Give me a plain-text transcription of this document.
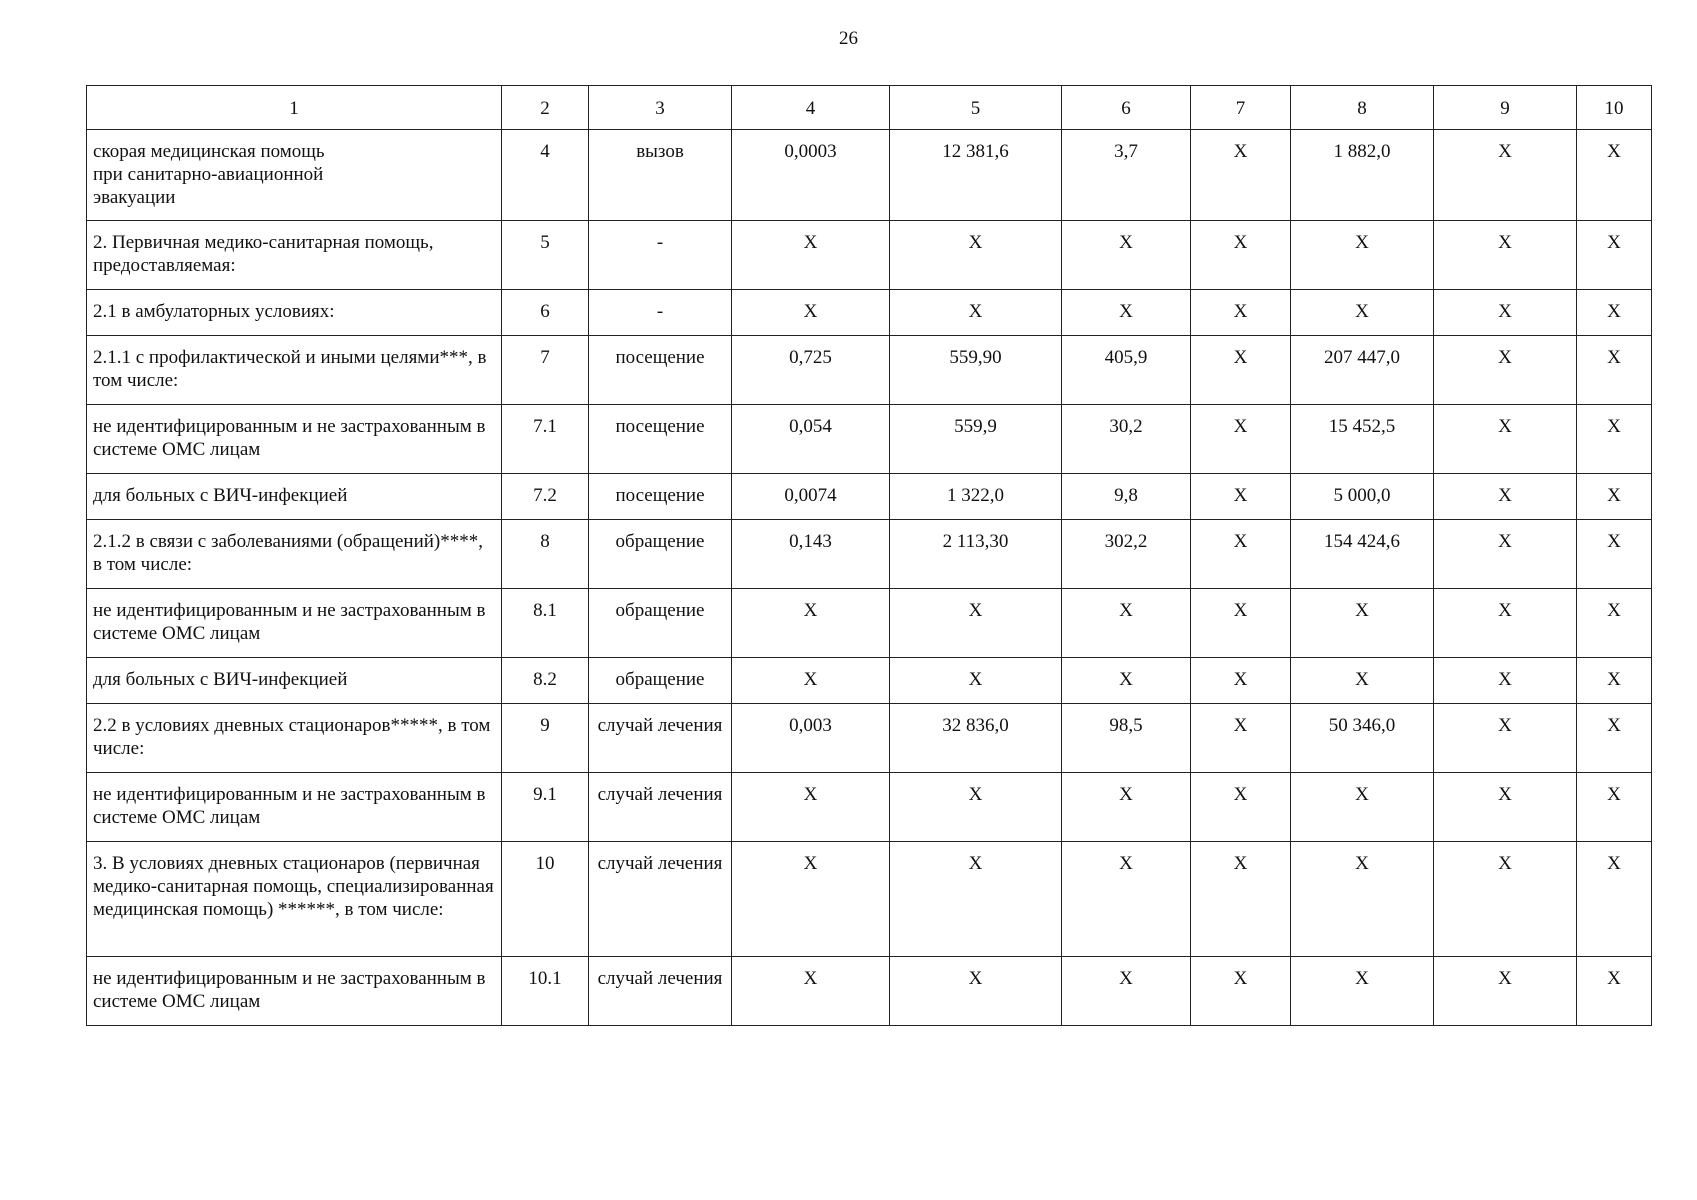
26
1	2	3	4	5	6	7	8	9	10
скорая медицинская помощь
при санитарно-авиационной
эвакуации	4	вызов	0,0003	12 381,6	3,7	Х	1 882,0	Х	Х
2. Первичная медико-санитарная помощь, предоставляемая:	5	-	Х	Х	Х	Х	Х	Х	Х
2.1 в амбулаторных условиях:	6	-	Х	Х	Х	Х	Х	Х	Х
2.1.1 с профилактической и иными целями***, в том числе:	7	посещение	0,725	559,90	405,9	Х	207 447,0	Х	Х
не идентифицированным и не застрахованным в системе ОМС лицам	7.1	посещение	0,054	559,9	30,2	Х	15 452,5	Х	Х
для больных с ВИЧ-инфекцией	7.2	посещение	0,0074	1 322,0	9,8	Х	5 000,0	Х	Х
2.1.2 в связи с заболеваниями (обращений)****, в том числе:	8	обращение	0,143	2 113,30	302,2	Х	154 424,6	Х	Х
не идентифицированным и не застрахованным в системе ОМС лицам	8.1	обращение	Х	Х	Х	Х	Х	Х	Х
для больных с ВИЧ-инфекцией	8.2	обращение	Х	Х	Х	Х	Х	Х	Х
2.2 в условиях дневных стационаров*****, в том числе:	9	случай лечения	0,003	32 836,0	98,5	Х	50 346,0	Х	Х
не идентифицированным и не застрахованным в системе ОМС лицам	9.1	случай лечения	Х	Х	Х	Х	Х	Х	Х
3. В условиях дневных стационаров (первичная медико-санитарная помощь, специализированная медицинская помощь) ******, в том числе:	10	случай лечения	Х	Х	Х	Х	Х	Х	Х
не идентифицированным и не застрахованным в системе ОМС лицам	10.1	случай лечения	Х	Х	Х	Х	Х	Х	Х
